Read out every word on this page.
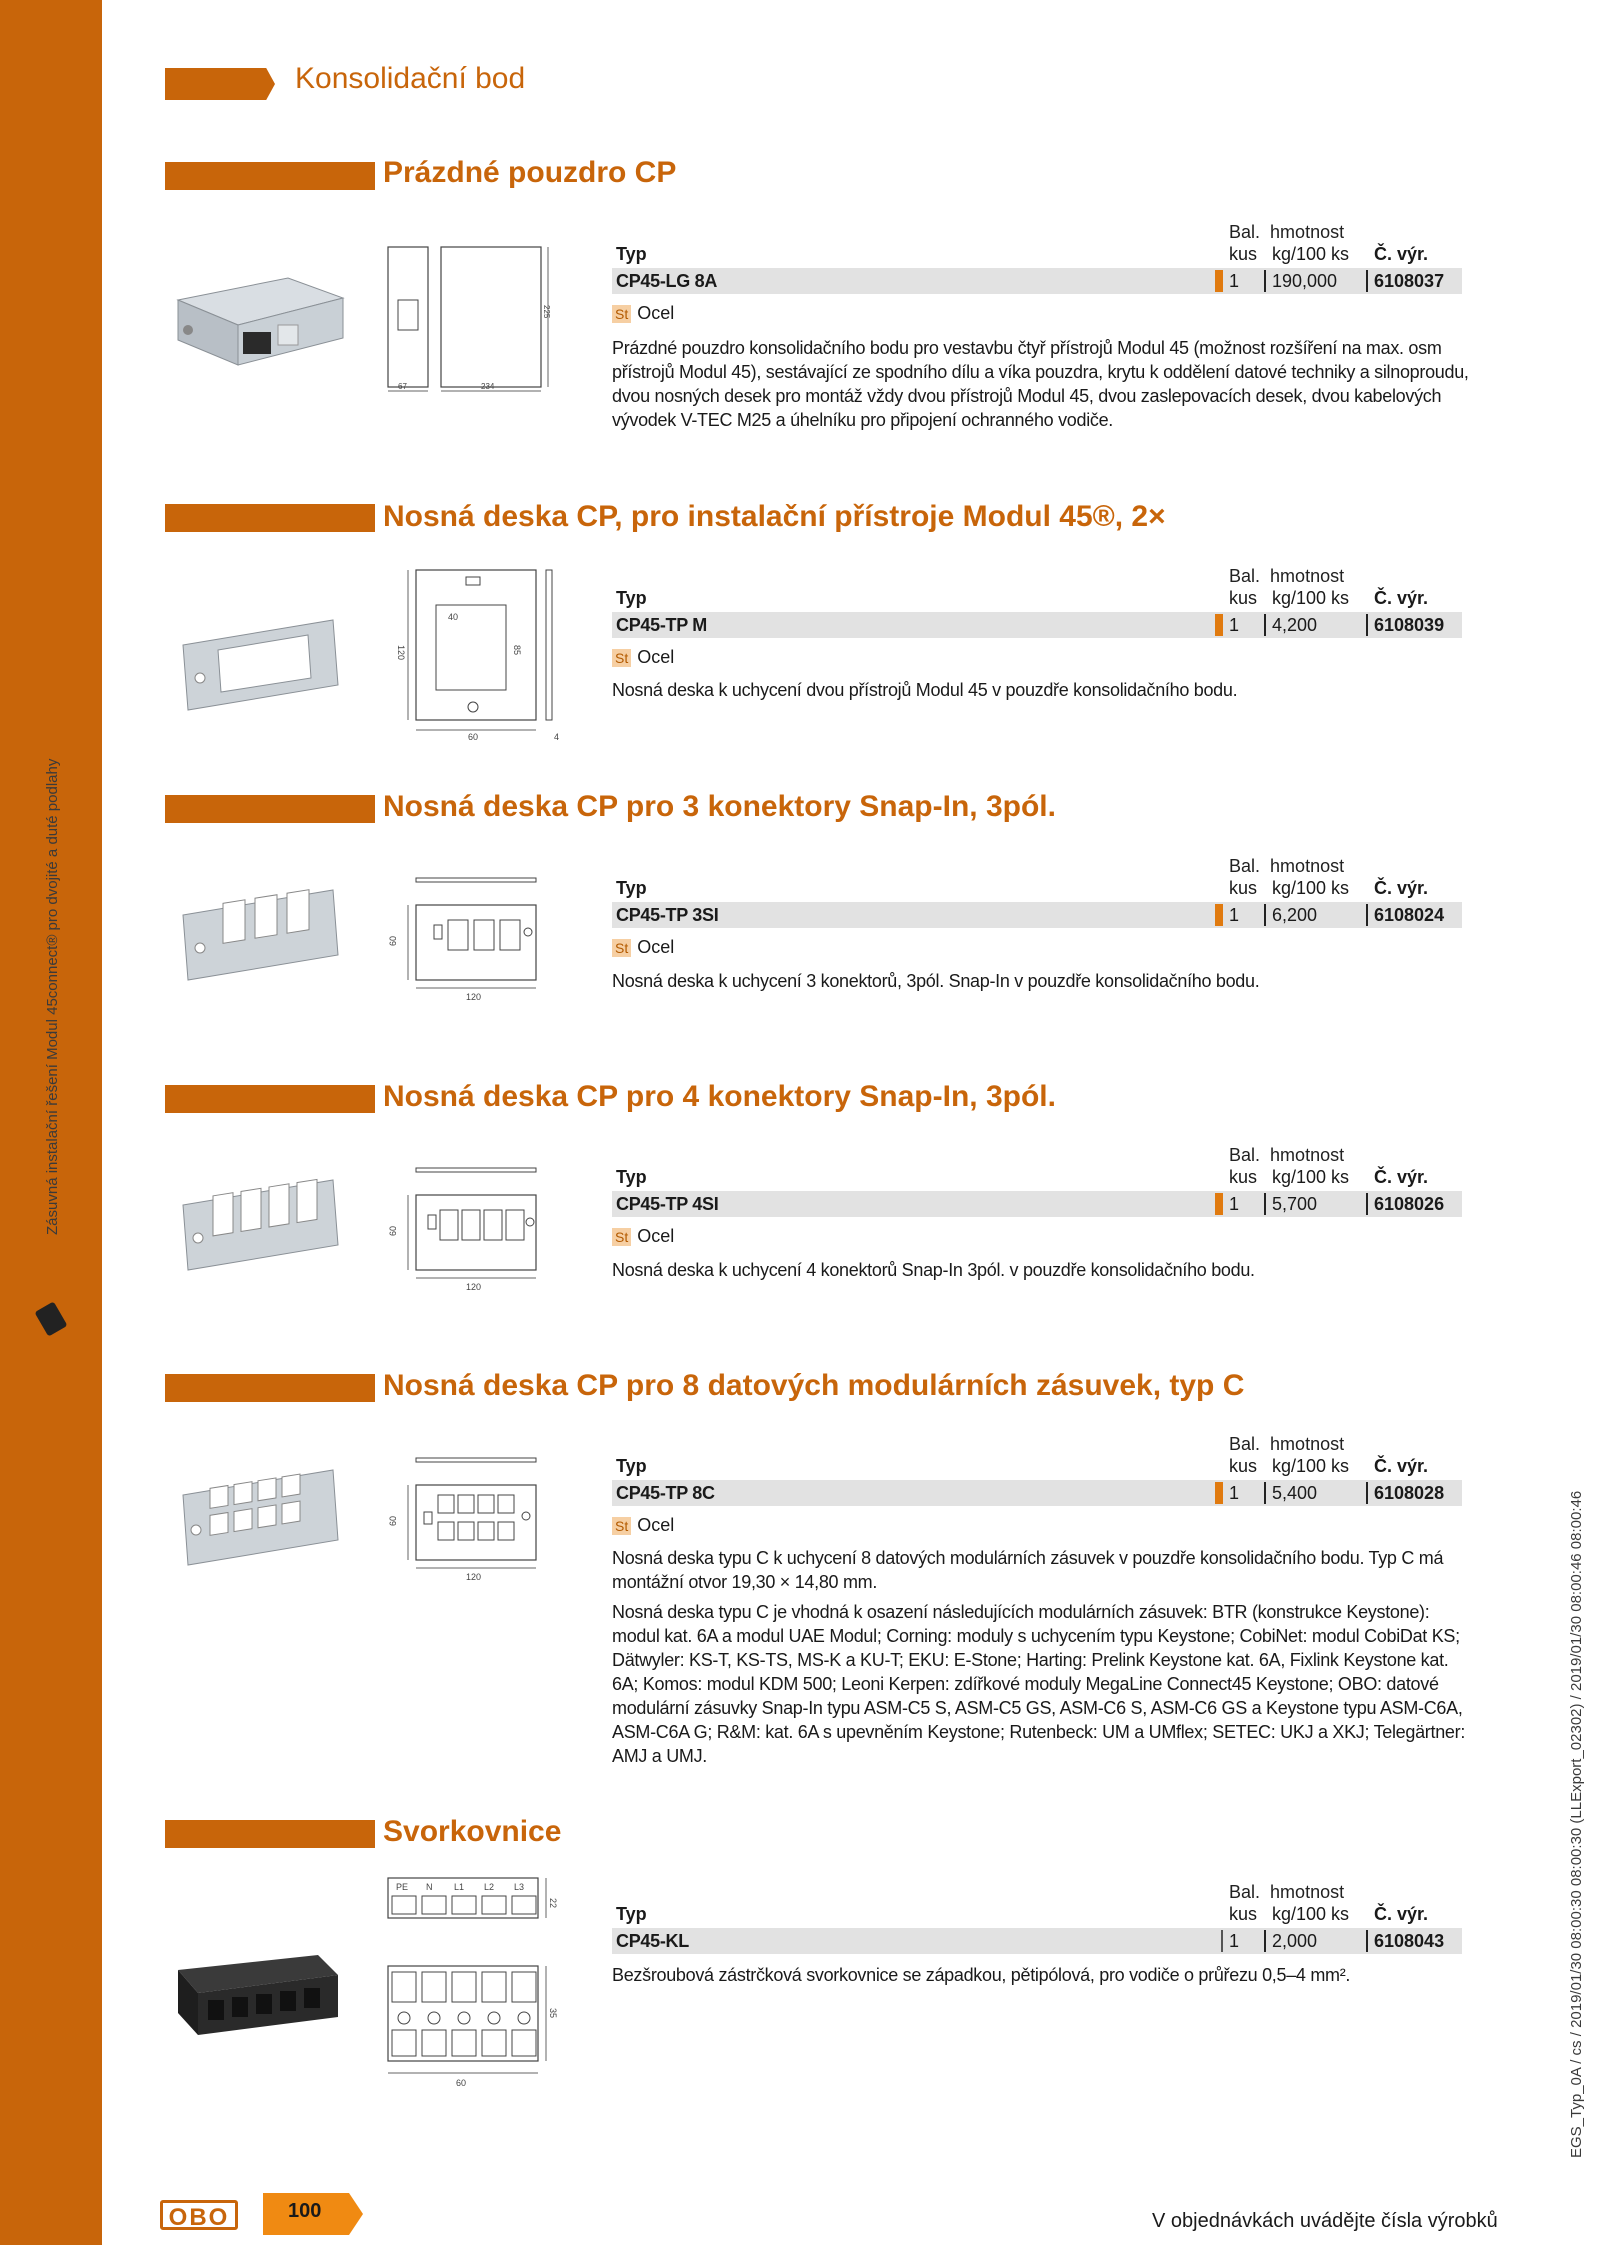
Zásuvná instalační řešení Modul 45connect® pro dvojité a duté podlahy
Konsolidační bod
EGS_Typ_0A / cs / 2019/01/30 08:00:30 08:00:30 (LLExport_02302) / 2019/01/30 08:00:46 08:00:46
Prázdné pouzdro CP
67	234
225
Bal. hmotnost
Typ	kus kg/100 ks Č. výr.
CP45-LG 8A	1 190,000 6108037
St Ocel

Prázdné pouzdro konsolidačního bodu pro vestavbu čtyř přístrojů Modul 45 (možnost rozšíření na max. osm přístrojů Modul 45), sestávající ze spodního dílu a víka pouzdra, krytu k oddělení datové techniky a silnoproudu, dvou nosných desek pro montáž vždy dvou přístrojů Modul 45, dvou zaslepovacích desek, dvou kabelových vývodek V-TEC M25 a úhelníku pro připojení ochranného vodiče.

Nosná deska CP, pro instalační přístroje Modul 45®, 2×
40
120	85
60	4
Bal. hmotnost
Typ	kus kg/100 ks Č. výr.
CP45-TP M	1 4,200	6108039
St Ocel

Nosná deska k uchycení dvou přístrojů Modul 45 v pouzdře konsolidačního bodu.

Nosná deska CP pro 3 konektory Snap-In, 3pól.
60
120
Bal. hmotnost
Typ	kus kg/100 ks Č. výr.
CP45-TP 3SI	1 6,200	6108024
St Ocel

Nosná deska k uchycení 3 konektorů, 3pól. Snap-In v pouzdře konsolidačního bodu.

Nosná deska CP pro 4 konektory Snap-In, 3pól.
60
120
Bal. hmotnost
Typ	kus kg/100 ks Č. výr.
CP45-TP 4SI	1 5,700	6108026
St Ocel

Nosná deska k uchycení 4 konektorů Snap-In 3pól. v pouzdře konsolidačního bodu.

Nosná deska CP pro 8 datových modulárních zásuvek, typ C
60
120
Bal. hmotnost
Typ	kus kg/100 ks Č. výr.
CP45-TP 8C	1 5,400	6108028
St Ocel

Nosná deska typu C k uchycení 8 datových modulárních zásuvek v pouzdře konsolidačního bodu. Typ C má montážní otvor 19,30 × 14,80 mm.

Nosná deska typu C je vhodná k osazení následujících modulárních zásuvek: BTR (konstrukce Keystone): modul kat. 6A a modul UAE Modul; Corning: moduly s uchycením typu Keystone; CobiNet: modul CobiDat KS; Dätwyler: KS-T, KS-TS, MS-K a KU-T; EKU: E-Stone; Harting: Prelink Keystone kat. 6A, Fixlink Keystone kat. 6A; Komos: modul KDM 500; Leoni Kerpen: zdířkové moduly MegaLine Connect45 Keystone; OBO: datové modulární zásuvky Snap-In typu ASM-C5 S, ASM-C5 GS, ASM-C6 S, ASM-C6 GS a Keystone typu ASM-C6A, ASM-C6A G; R&M: kat. 6A s upevněním Keystone; Rutenbeck: UM a UMflex; SETEC: UKJ a XKJ; Telegärtner: AMJ a UMJ.

Svorkovnice
PE N L1 L2 L3
22
35
60
Bal. hmotnost
Typ	kus kg/100 ks Č. výr.
CP45-KL	1 2,000	6108043

Bezšroubová zástrčková svorkovnice se západkou, pětipólová, pro vodiče o průřezu 0,5–4 mm².

OBO	100	V objednávkách uvádějte čísla výrobků
